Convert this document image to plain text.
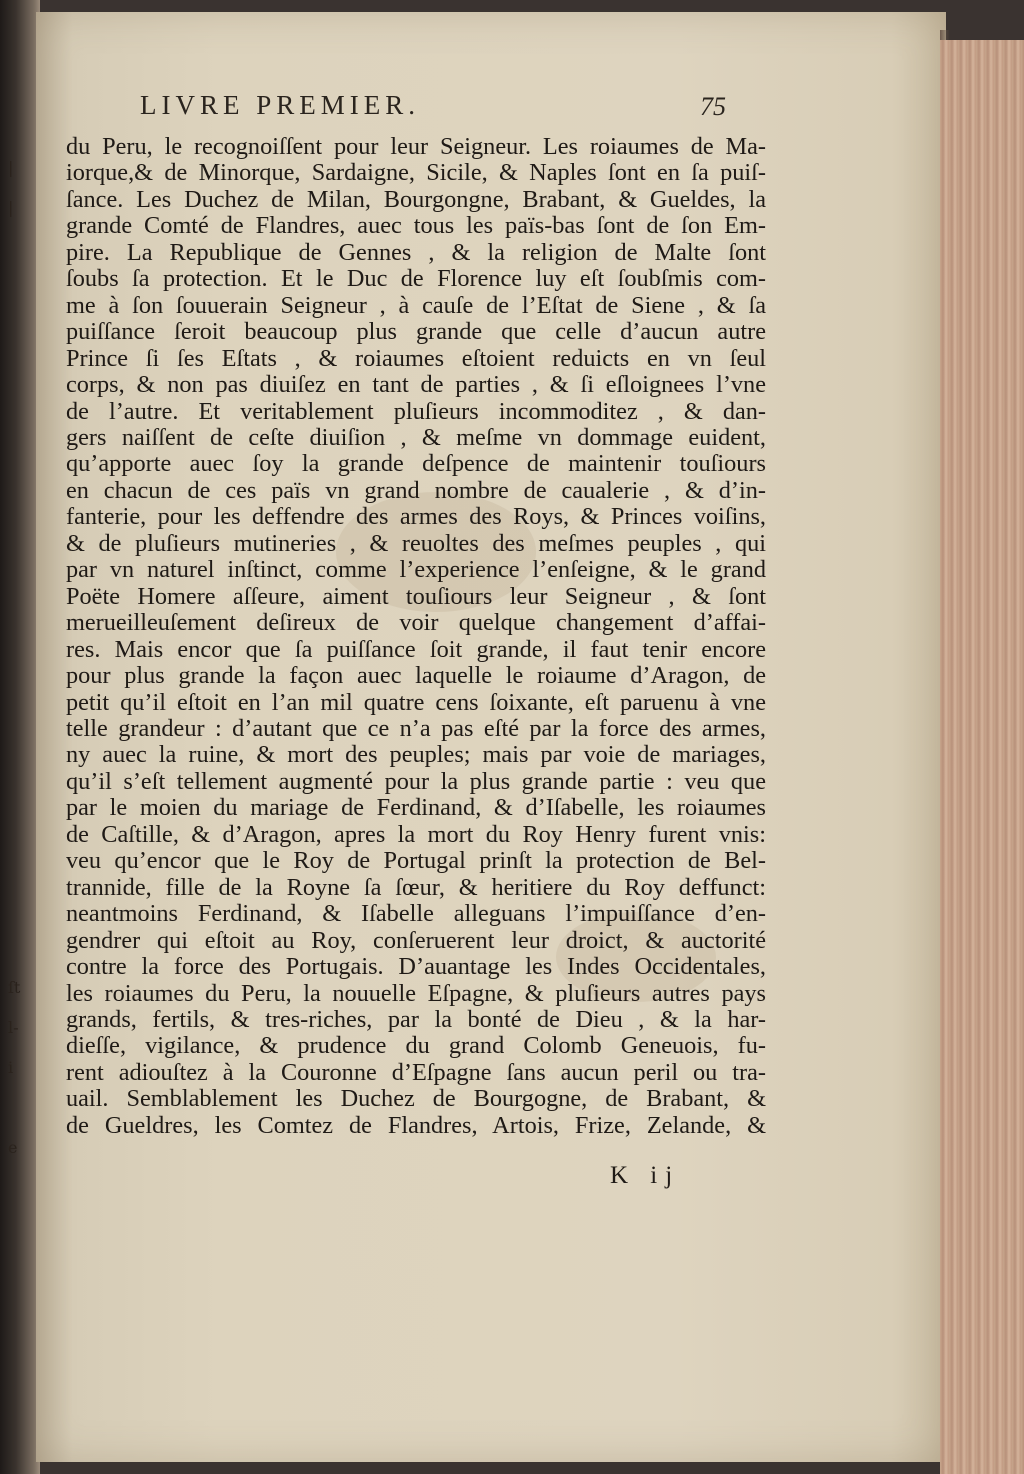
|
|
ſt
l-
i
e
LIVRE PREMIER.	75
du Peru, le recognoiſſent pour leur Seigneur. Les roiaumes de Ma-
iorque,& de Minorque, Sardaigne, Sicile, & Naples ſont en ſa puiſ-
ſance. Les Duchez de Milan, Bourgongne, Brabant, & Gueldes, la
grande Comté de Flandres, auec tous les païs-bas ſont de ſon Em-
pire. La Republique de Gennes , & la religion de Malte ſont
ſoubs ſa protection. Et le Duc de Florence luy eſt ſoubſmis com-
me à ſon ſouuerain Seigneur , à cauſe de l’Eſtat de Siene , & ſa
puiſſance ſeroit beaucoup plus grande que celle d’aucun autre
Prince ſi ſes Eſtats , & roiaumes eſtoient reduicts en vn ſeul
corps, & non pas diuiſez en tant de parties , & ſi eſloignees l’vne
de l’autre. Et veritablement pluſieurs incommoditez , & dan-
gers naiſſent de ceſte diuiſion , & meſme vn dommage euident,
qu’apporte auec ſoy la grande deſpence de maintenir touſiours
en chacun de ces païs vn grand nombre de caualerie , & d’in-
fanterie, pour les deffendre des armes des Roys, & Princes voiſins,
& de pluſieurs mutineries , & reuoltes des meſmes peuples , qui
par vn naturel inſtinct, comme l’experience l’enſeigne, & le grand
Poëte Homere aſſeure, aiment touſiours leur Seigneur , & ſont
merueilleuſement deſireux de voir quelque changement d’affai-
res. Mais encor que ſa puiſſance ſoit grande, il faut tenir encore
pour plus grande la façon auec laquelle le roiaume d’Aragon, de
petit qu’il eſtoit en l’an mil quatre cens ſoixante, eſt paruenu à vne
telle grandeur : d’autant que ce n’a pas eſté par la force des armes,
ny auec la ruine, & mort des peuples; mais par voie de mariages,
qu’il s’eſt tellement augmenté pour la plus grande partie : veu que
par le moien du mariage de Ferdinand, & d’Iſabelle, les roiaumes
de Caſtille, & d’Aragon, apres la mort du Roy Henry furent vnis:
veu qu’encor que le Roy de Portugal prinſt la protection de Bel-
trannide, fille de la Royne ſa ſœur, & heritiere du Roy deffunct:
neantmoins Ferdinand, & Iſabelle alleguans l’impuiſſance d’en-
gendrer qui eſtoit au Roy, conſeruerent leur droict, & auctorité
contre la force des Portugais. D’auantage les Indes Occidentales,
les roiaumes du Peru, la nouuelle Eſpagne, & pluſieurs autres pays
grands, fertils, & tres-riches, par la bonté de Dieu , & la har-
dieſſe, vigilance, & prudence du grand Colomb Geneuois, fu-
rent adiouſtez à la Couronne d’Eſpagne ſans aucun peril ou tra-
uail. Semblablement les Duchez de Bourgogne, de Brabant, &
de Gueldres, les Comtez de Flandres, Artois, Frize, Zelande, &
K ij
